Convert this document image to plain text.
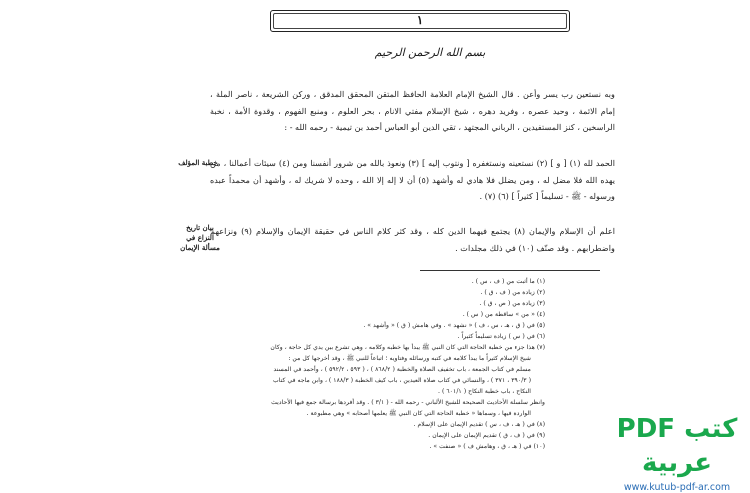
١
بسم الله الرحمن الرحيم
وبه نستعين رب يسر وأعن . قال الشيخ الإمام العلامة الحافظ المتقن المحقق المدقق ، وركن الشريعة ، ناصر الملة ، إمام الائمة ، وحيد عصره ، وفريد دهره ، شيخ الإسلام مفتي الانام ، بحر العلوم ، ومنبع الفهوم ، وقدوة الأمة ، نخبة الراسخين ، كنز المستفيدين ، الرباني المجتهد ، تقي الدين أبو العباس أحمد بن تيمية - رحمه الله - :
الحمد لله (١) [ و ] (٢) نستعينه ونستغفره [ ونتوب إليه ] (٣) ونعوذ بالله من شرور أنفسنا ومن (٤) سيئات أعمالنا ، من يهده الله فلا مضل له ، ومن يضلل فلا هادي له وأشهد (٥) أن لا إله إلا الله ، وحده لا شريك له ، وأشهد أن محمداً عبده ورسوله - ﷺ - تسليماً [ كثيراً ] (٦) (٧) .
اعلم أن الإسلام والإيمان (٨) يجتمع فيهما الدين كله ، وقد كثر كلام الناس في حقيقة الإيمان والإسلام (٩) ونزاعهم واضطرابهم . وقد صنّف (١٠) في ذلك مجلدات .
خطبة المؤلف
بيان تاريخ النزاع في مسألة الإيمان
(١) ما أثبت من ( ف ، س ) .
(٢) زيادة من ( ف ، ق ) .
(٣) زيادة من ( ص ، ق ) .
(٤) « من » ساقطة من ( س ) .
(٥) في ( ق ، هـ ، س ، ف ) « نشهد » . وفي هامش ( ق ) « وأشهد » .
(٦) في ( س ) زيادة تسليماً كثيراً .
(٧) هذا جزء من خطبة الحاجة التي كان النبي ﷺ يبدأ بها خطبه وكلامه ، وهي تشرع بين يدي كل حاجة ، وكان
شيخ الإسلام كثيراً ما يبدأ كلامه في كتبه ورسائله وفتاويه ؛ اتباعاً للنبي ﷺ ، وقد أخرجها كل من :
مسلم في كتاب الجمعة ، باب تخفيف الصلاة والخطبة ( ٨٦٨/٢ ) ، ( ٥٩٣ ، ٥٩٢/٢ ) ، وأحمد في المسند
( ٣٩٠/٣ ، ٣٧١ ) ، والنسائي في كتاب صلاة العيدين ، باب كيف الخطبة ( ١٨٨/٣ ) ، وابن ماجه في كتاب
النكاح ، باب خطبة النكاح ( ٦٠١/١ ) .
وانظر سلسلة الأحاديث الصحيحة للشيخ الألباني - رحمه الله - ( ٣/١ ) . وقد أفردها برسالة جمع فيها الأحاديث
الواردة فيها ، وسماها « خطبة الحاجة التي كان النبي ﷺ يعلمها أصحابه » وهي مطبوعة .
(٨) في ( هـ ، ف ، س ) تقديم الإيمان على الإسلام .
(٩) في ( ف ، ق ) تقديم الإيمان على الإيمان .
(١٠) في ( هـ ، ق ، وهامش ف ) « صنفت » .
كتب PDF عربية
www.kutub-pdf-ar.com
